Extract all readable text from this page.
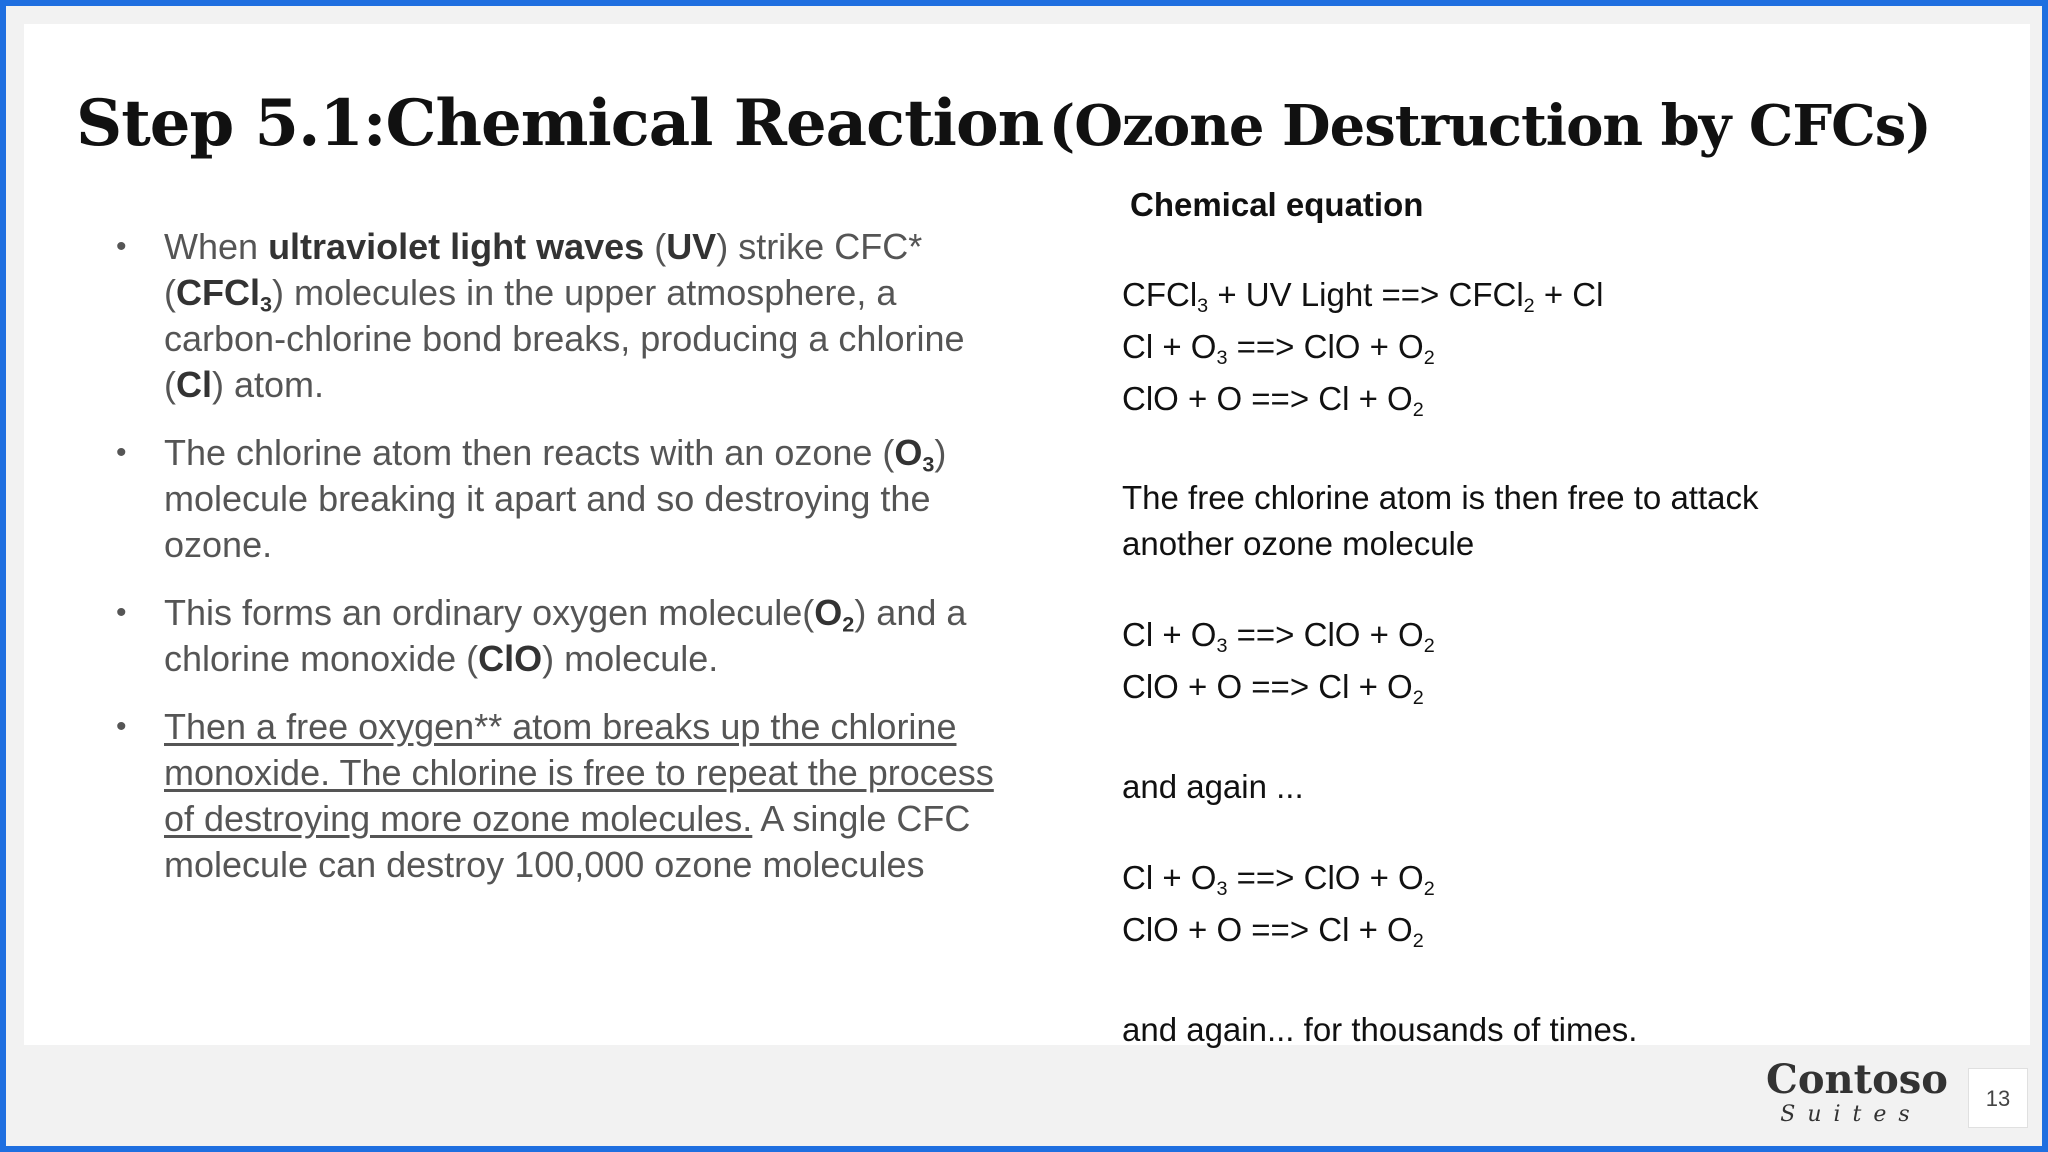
Step 5.1:Chemical Reaction (Ozone Destruction by CFCs)
• When ultraviolet light waves (UV) strike CFC* (CFCl$_3$) molecules in the upper atmosphere, a carbon-chlorine bond breaks, producing a chlorine (Cl) atom.
• The chlorine atom then reacts with an ozone $(O_3)$ molecule breaking it apart and so destroying the ozone.
• This forms an ordinary oxygen $molecule(O_2)$ and a chlorine monoxide (ClO) molecule.
• Then a free oxygen** atom breaks up the chlorine monoxide. The chlorine is free to repeat the process of destroying more ozone molecules. A single CFC molecule can destroy 100,000 ozone molecules
Chemical equation
CFCl$_3$ + UV Light ==> CFCl$_2$ + Cl
$Cl + O_3$ ==> ClO + $O_2$
ClO + O ==> $Cl + O_2$
The free chlorine atom is then free to attack
another ozone molecule
$Cl + O_3$ ==> ClO + $O_2$
ClO + O ==> $Cl + O_2$
and again ...
$Cl + O_3$ ==> ClO + $O_2$
ClO + O ==> $Cl + O_2$
and again... for thousands of times.
Contoso
Suites
13
